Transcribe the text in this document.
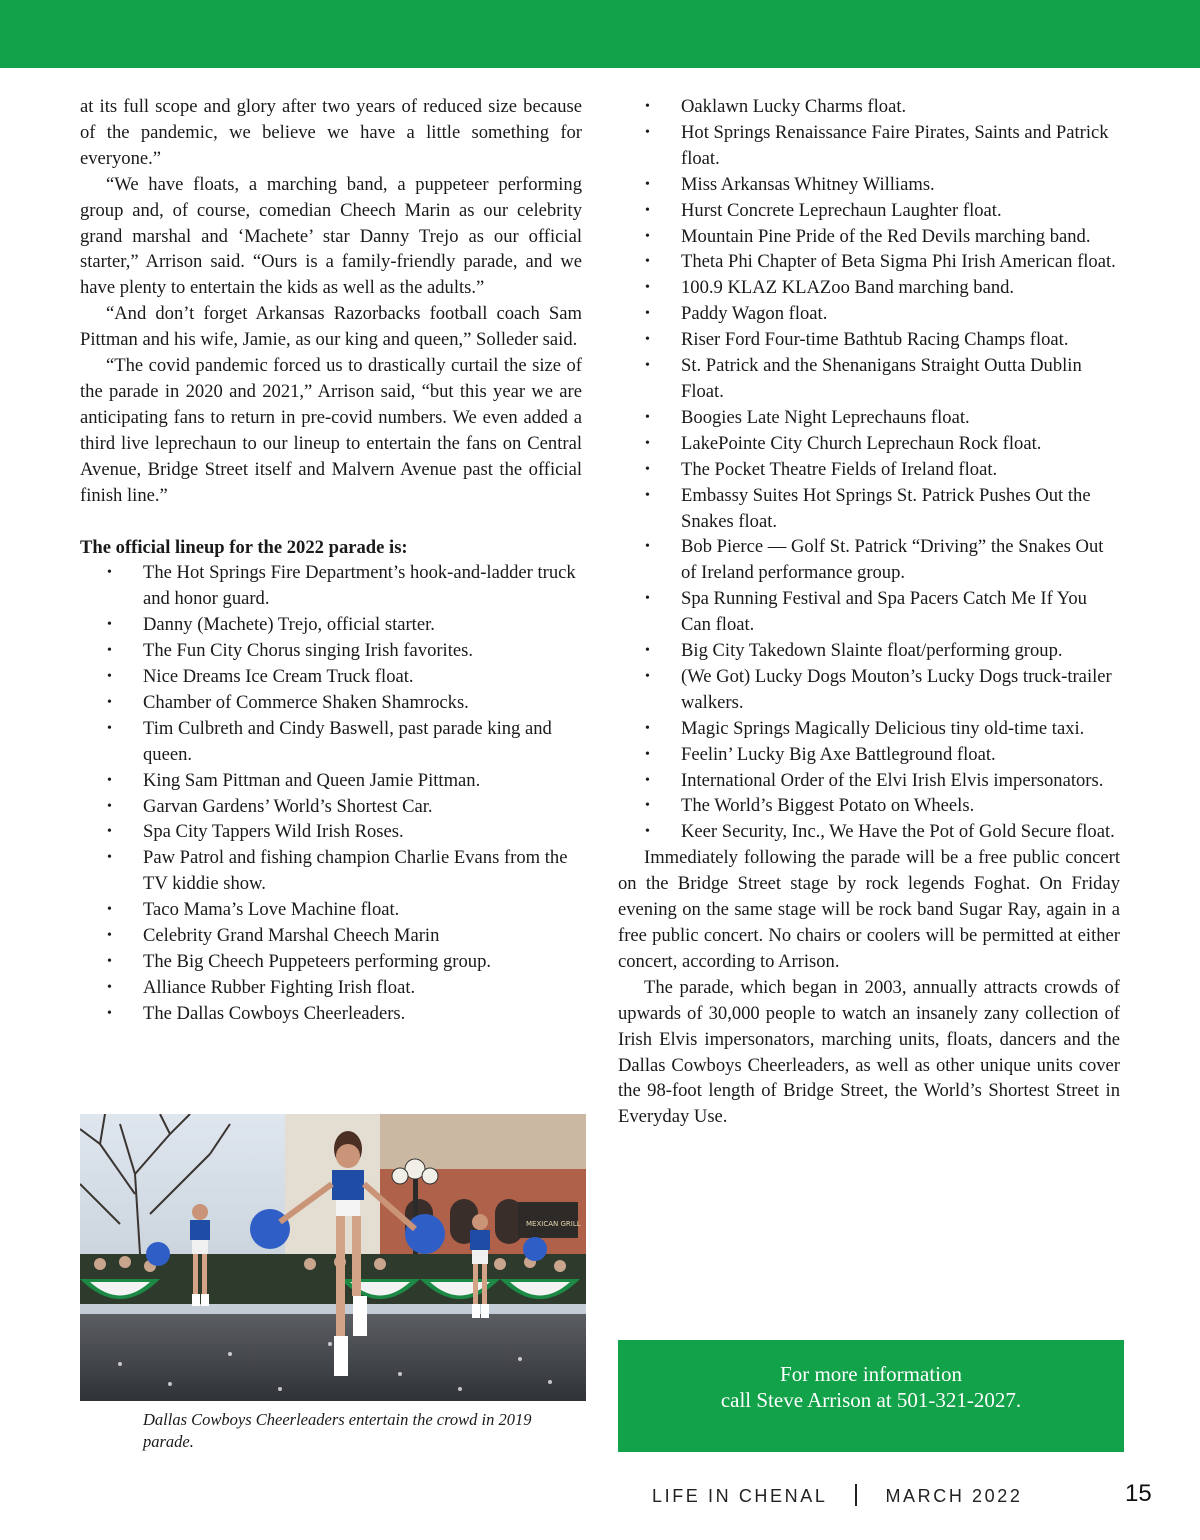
at its full scope and glory after two years of reduced size because of the pandemic, we believe we have a little something for everyone.”

“We have floats, a marching band, a puppeteer performing group and, of course, comedian Cheech Marin as our celebrity grand marshal and ‘Machete’ star Danny Trejo as our official starter,” Arrison said. “Ours is a family-friendly parade, and we have plenty to entertain the kids as well as the adults.”

“And don’t forget Arkansas Razorbacks football coach Sam Pittman and his wife, Jamie, as our king and queen,” Solleder said.

“The covid pandemic forced us to drastically curtail the size of the parade in 2020 and 2021,” Arrison said, “but this year we are anticipating fans to return in pre-covid numbers. We even added a third live leprechaun to our lineup to entertain the fans on Central Avenue, Bridge Street itself and Malvern Avenue past the official finish line.”

The official lineup for the 2022 parade is:
• The Hot Springs Fire Department’s hook-and-ladder truck and honor guard.
• Danny (Machete) Trejo, official starter.
• The Fun City Chorus singing Irish favorites.
• Nice Dreams Ice Cream Truck float.
• Chamber of Commerce Shaken Shamrocks.
• Tim Culbreth and Cindy Baswell, past parade king and queen.
• King Sam Pittman and Queen Jamie Pittman.
• Garvan Gardens’ World’s Shortest Car.
• Spa City Tappers Wild Irish Roses.
• Paw Patrol and fishing champion Charlie Evans from the TV kiddie show.
• Taco Mama’s Love Machine float.
• Celebrity Grand Marshal Cheech Marin
• The Big Cheech Puppeteers performing group.
• Alliance Rubber Fighting Irish float.
• The Dallas Cowboys Cheerleaders.
MEXICAN GRILL
Dallas Cowboys Cheerleaders entertain the crowd in 2019 parade.
• Oaklawn Lucky Charms float.
• Hot Springs Renaissance Faire Pirates, Saints and Patrick float.
• Miss Arkansas Whitney Williams.
• Hurst Concrete Leprechaun Laughter float.
• Mountain Pine Pride of the Red Devils marching band.
• Theta Phi Chapter of Beta Sigma Phi Irish American float.
• 100.9 KLAZ KLAZoo Band marching band.
• Paddy Wagon float.
• Riser Ford Four-time Bathtub Racing Champs float.
• St. Patrick and the Shenanigans Straight Outta Dublin Float.
• Boogies Late Night Leprechauns float.
• LakePointe City Church Leprechaun Rock float.
• The Pocket Theatre Fields of Ireland float.
• Embassy Suites Hot Springs St. Patrick Pushes Out the Snakes float.
• Bob Pierce — Golf St. Patrick “Driving” the Snakes Out of Ireland performance group.
• Spa Running Festival and Spa Pacers Catch Me If You Can float.
• Big City Takedown Slainte float/performing group.
• (We Got) Lucky Dogs Mouton’s Lucky Dogs truck-trailer walkers.
• Magic Springs Magically Delicious tiny old-time taxi.
• Feelin’ Lucky Big Axe Battleground float.
• International Order of the Elvi Irish Elvis impersonators.
• The World’s Biggest Potato on Wheels.
• Keer Security, Inc., We Have the Pot of Gold Secure float.

Immediately following the parade will be a free public concert on the Bridge Street stage by rock legends Foghat. On Friday evening on the same stage will be rock band Sugar Ray, again in a free public concert. No chairs or coolers will be permitted at either concert, according to Arrison.

The parade, which began in 2003, annually attracts crowds of upwards of 30,000 people to watch an insanely zany collection of Irish Elvis impersonators, marching units, floats, dancers and the Dallas Cowboys Cheerleaders, as well as other unique units cover the 98-foot length of Bridge Street, the World’s Shortest Street in Everyday Use.

For more information
call Steve Arrison at 501-321-2027.
LIFE IN CHENAL	MARCH 2022	15
